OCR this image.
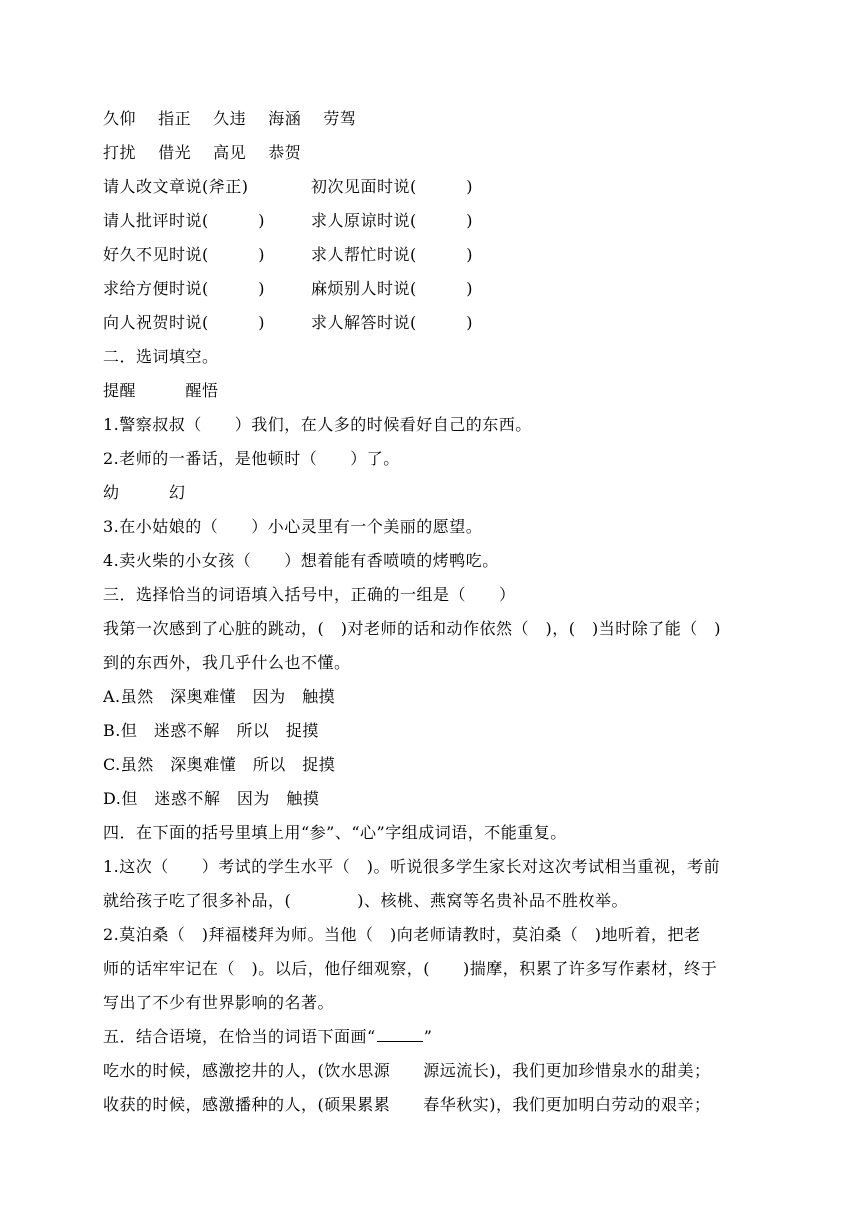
久仰　 指正　 久违　 海涵　 劳驾
打扰　 借光　 高见　 恭贺
请人改文章说(斧正)	初次见面时说(　　　)
请人批评时说(　　　)	求人原谅时说(　　　)
好久不见时说(　　　)	求人帮忙时说(　　　)
求给方便时说(　　　)	麻烦别人时说(　　　)
向人祝贺时说(　　　)	求人解答时说(　　　)
二．选词填空。
提醒　　　醒悟
1.警察叔叔（　　）我们，在人多的时候看好自己的东西。
2.老师的一番话，是他顿时（　　）了。
幼　　　幻
3.在小姑娘的（　　）小心灵里有一个美丽的愿望。
4.卖火柴的小女孩（　　）想着能有香喷喷的烤鸭吃。
三．选择恰当的词语填入括号中，正确的一组是（　　）
我第一次感到了心脏的跳动，(　)对老师的话和动作依然（　)，(　)当时除了能（　)
到的东西外，我几乎什么也不懂。
A.虽然　深奥难懂　因为　触摸
B.但　迷惑不解　所以　捉摸
C.虽然　深奥难懂　所以　捉摸
D.但　迷惑不解　因为　触摸
四．在下面的括号里填上用“参”、“心”字组成词语，不能重复。
1.这次（　　）考试的学生水平（　)。听说很多学生家长对这次考试相当重视，考前
就给孩子吃了很多补品，(　　　　)、核桃、燕窝等名贵补品不胜枚举。
2.莫泊桑（　)拜福楼拜为师。当他（　)向老师请教时，莫泊桑（　)地听着，把老
师的话牢牢记在（　)。以后，他仔细观察，(　　)揣摩，积累了许多写作素材，终于
写出了不少有世界影响的名著。
五．结合语境，在恰当的词语下面画“	”
吃水的时候，感激挖井的人，(饮水思源　　源远流长)，我们更加珍惜泉水的甜美；
收获的时候，感激播种的人，(硕果累累　　春华秋实)，我们更加明白劳动的艰辛；
